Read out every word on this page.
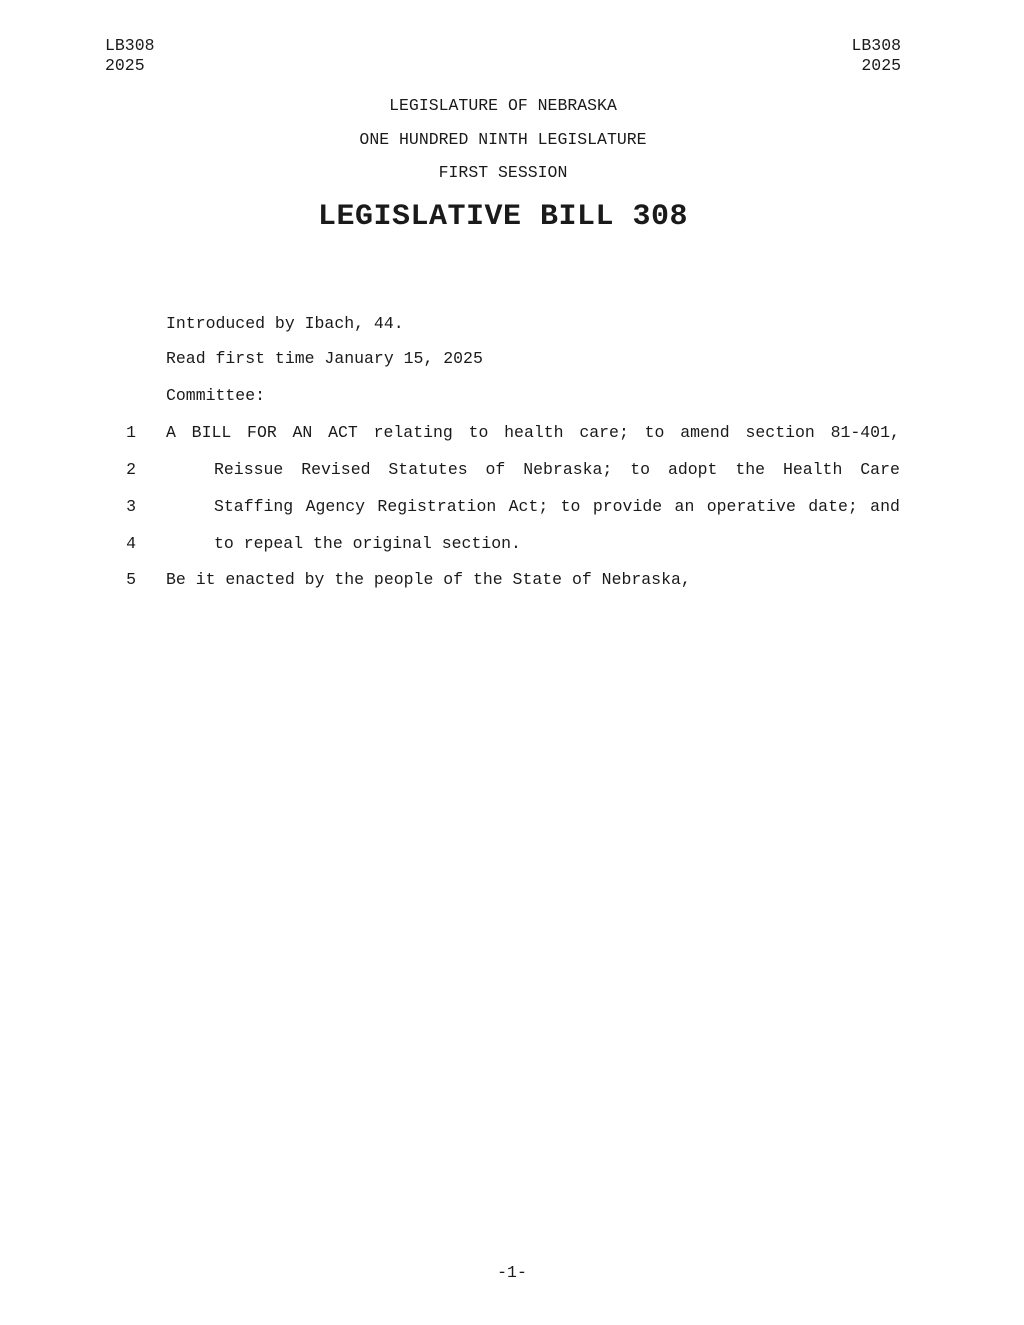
LB308
2025
LB308
2025
LEGISLATURE OF NEBRASKA
ONE HUNDRED NINTH LEGISLATURE
FIRST SESSION
LEGISLATIVE BILL 308
Introduced by Ibach, 44.
Read first time January 15, 2025
Committee:
1 A BILL FOR AN ACT relating to health care; to amend section 81-401,
2	Reissue Revised Statutes of Nebraska; to adopt the Health Care
3	Staffing Agency Registration Act; to provide an operative date; and
4	to repeal the original section.
5 Be it enacted by the people of the State of Nebraska,
-1-
